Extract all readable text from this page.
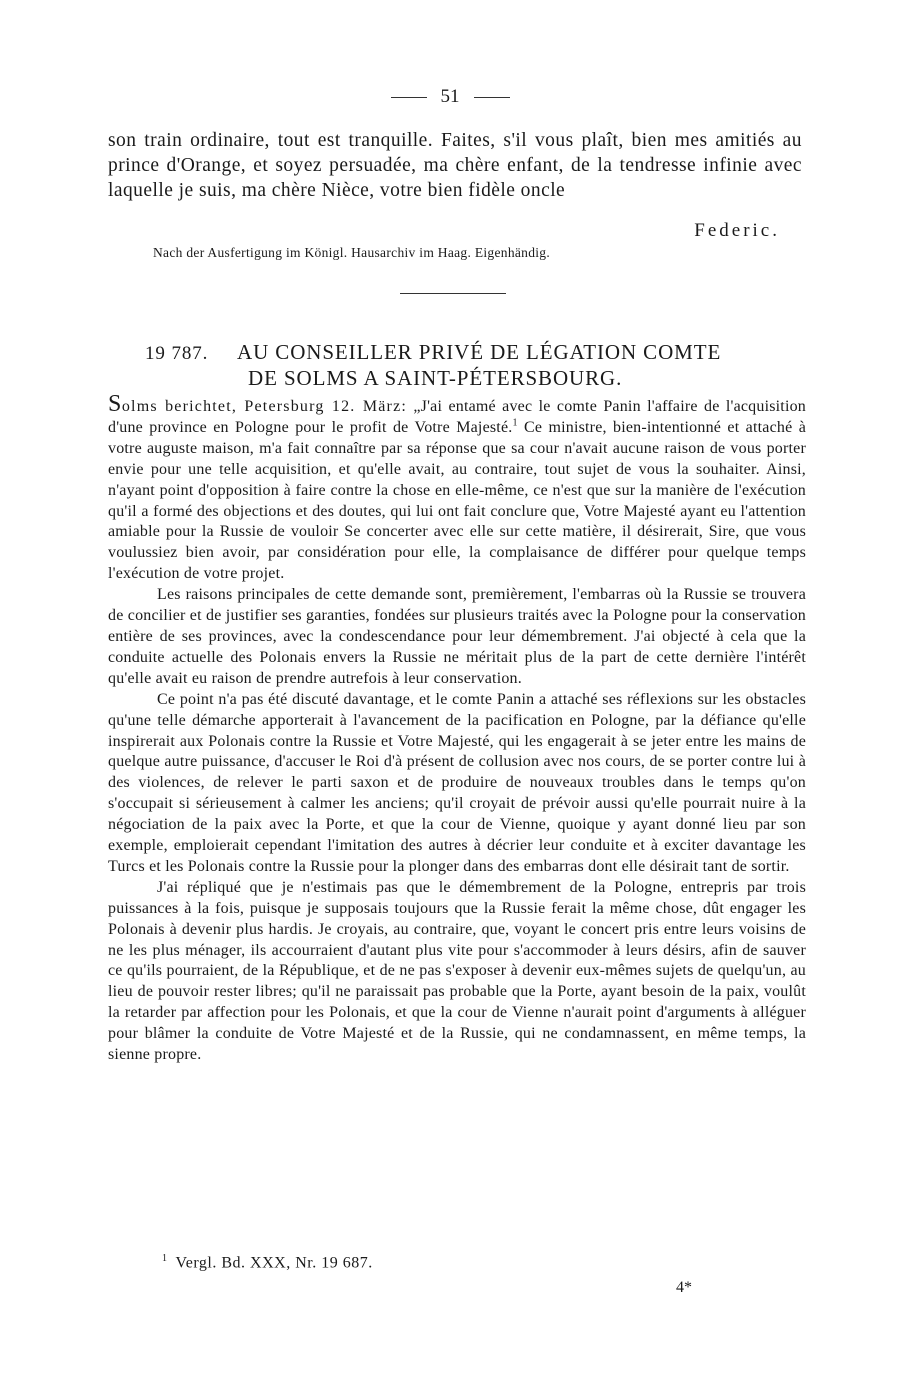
51
son train ordinaire, tout est tranquille. Faites, s'il vous plaît, bien mes amitiés au prince d'Orange, et soyez persuadée, ma chère enfant, de la tendresse infinie avec laquelle je suis, ma chère Nièce, votre bien fidèle oncle
Federic.
Nach der Ausfertigung im Königl. Hausarchiv im Haag. Eigenhändig.
19 787. AU CONSEILLER PRIVÉ DE LÉGATION COMTE
DE SOLMS A SAINT-PÉTERSBOURG.

Solms berichtet, Petersburg 12. März: „J'ai entamé avec le comte Panin l'affaire de l'acquisition d'une province en Pologne pour le profit de Votre Majesté.$^1$ Ce ministre, bien-intentionné et attaché à votre auguste maison, m'a fait connaître par sa réponse que sa cour n'avait aucune raison de vous porter envie pour une telle acquisition, et qu'elle avait, au contraire, tout sujet de vous la souhaiter. Ainsi, n'ayant point d'opposition à faire contre la chose en elle-même, ce n'est que sur la manière de l'exécution qu'il a formé des objections et des doutes, qui lui ont fait conclure que, Votre Majesté ayant eu l'attention amiable pour la Russie de vouloir Se concerter avec elle sur cette matière, il désirerait, Sire, que vous voulussiez bien avoir, par considération pour elle, la complaisance de différer pour quelque temps l'exécution de votre projet.

Les raisons principales de cette demande sont, premièrement, l'embarras où la Russie se trouvera de concilier et de justifier ses garanties, fondées sur plusieurs traités avec la Pologne pour la conservation entière de ses provinces, avec la condescendance pour leur démembrement. J'ai objecté à cela que la conduite actuelle des Polonais envers la Russie ne méritait plus de la part de cette dernière l'intérêt qu'elle avait eu raison de prendre autrefois à leur conservation.

Ce point n'a pas été discuté davantage, et le comte Panin a attaché ses réflexions sur les obstacles qu'une telle démarche apporterait à l'avancement de la pacification en Pologne, par la défiance qu'elle inspirerait aux Polonais contre la Russie et Votre Majesté, qui les engagerait à se jeter entre les mains de quelque autre puissance, d'accuser le Roi d'à présent de collusion avec nos cours, de se porter contre lui à des violences, de relever le parti saxon et de produire de nouveaux troubles dans le temps qu'on s'occupait si sérieusement à calmer les anciens; qu'il croyait de prévoir aussi qu'elle pourrait nuire à la négociation de la paix avec la Porte, et que la cour de Vienne, quoique y ayant donné lieu par son exemple, emploierait cependant l'imitation des autres à décrier leur conduite et à exciter davantage les Turcs et les Polonais contre la Russie pour la plonger dans des embarras dont elle désirait tant de sortir.

J'ai répliqué que je n'estimais pas que le démembrement de la Pologne, entrepris par trois puissances à la fois, puisque je supposais toujours que la Russie ferait la même chose, dût engager les Polonais à devenir plus hardis. Je croyais, au contraire, que, voyant le concert pris entre leurs voisins de ne les plus ménager, ils accourraient d'autant plus vite pour s'accommoder à leurs désirs, afin de sauver ce qu'ils pourraient, de la République, et de ne pas s'exposer à devenir eux-mêmes sujets de quelqu'un, au lieu de pouvoir rester libres; qu'il ne paraissait pas probable que la Porte, ayant besoin de la paix, voulût la retarder par affection pour les Polonais, et que la cour de Vienne n'aurait point d'arguments à alléguer pour blâmer la conduite de Votre Majesté et de la Russie, qui ne condamnassent, en même temps, la sienne propre.

$^1$ Vergl. Bd. XXX, Nr. 19 687.
4*
